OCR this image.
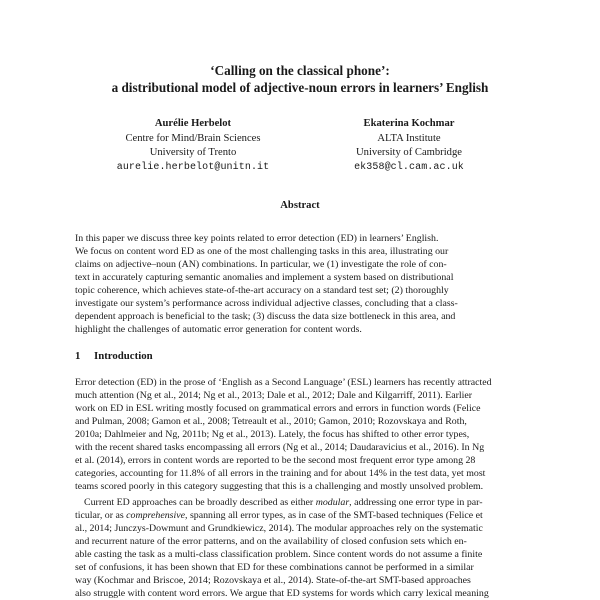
‘Calling on the classical phone’:
a distributional model of adjective-noun errors in learners’ English
Aurélie Herbelot
Centre for Mind/Brain Sciences
University of Trento
aurelie.herbelot@unitn.it
Ekaterina Kochmar
ALTA Institute
University of Cambridge
ek358@cl.cam.ac.uk
Abstract
In this paper we discuss three key points related to error detection (ED) in learners’ English.
We focus on content word ED as one of the most challenging tasks in this area, illustrating our
claims on adjective–noun (AN) combinations. In particular, we (1) investigate the role of con-
text in accurately capturing semantic anomalies and implement a system based on distributional
topic coherence, which achieves state-of-the-art accuracy on a standard test set; (2) thoroughly
investigate our system’s performance across individual adjective classes, concluding that a class-
dependent approach is beneficial to the task; (3) discuss the data size bottleneck in this area, and
highlight the challenges of automatic error generation for content words.
1 Introduction
Error detection (ED) in the prose of ‘English as a Second Language’ (ESL) learners has recently attracted
much attention (Ng et al., 2014; Ng et al., 2013; Dale et al., 2012; Dale and Kilgarriff, 2011). Earlier
work on ED in ESL writing mostly focused on grammatical errors and errors in function words (Felice
and Pulman, 2008; Gamon et al., 2008; Tetreault et al., 2010; Gamon, 2010; Rozovskaya and Roth,
2010a; Dahlmeier and Ng, 2011b; Ng et al., 2013). Lately, the focus has shifted to other error types,
with the recent shared tasks encompassing all errors (Ng et al., 2014; Daudaravicius et al., 2016). In Ng
et al. (2014), errors in content words are reported to be the second most frequent error type among 28
categories, accounting for 11.8% of all errors in the training and for about 14% in the test data, yet most
teams scored poorly in this category suggesting that this is a challenging and mostly unsolved problem.
Current ED approaches can be broadly described as either modular, addressing one error type in par-
ticular, or as comprehensive, spanning all error types, as in case of the SMT-based techniques (Felice et
al., 2014; Junczys-Dowmunt and Grundkiewicz, 2014). The modular approaches rely on the systematic
and recurrent nature of the error patterns, and on the availability of closed confusion sets which en-
able casting the task as a multi-class classification problem. Since content words do not assume a finite
set of confusions, it has been shown that ED for these combinations cannot be performed in a similar
way (Kochmar and Briscoe, 2014; Rozovskaya et al., 2014). State-of-the-art SMT-based approaches
also struggle with content word errors. We argue that ED systems for words which carry lexical meaning
